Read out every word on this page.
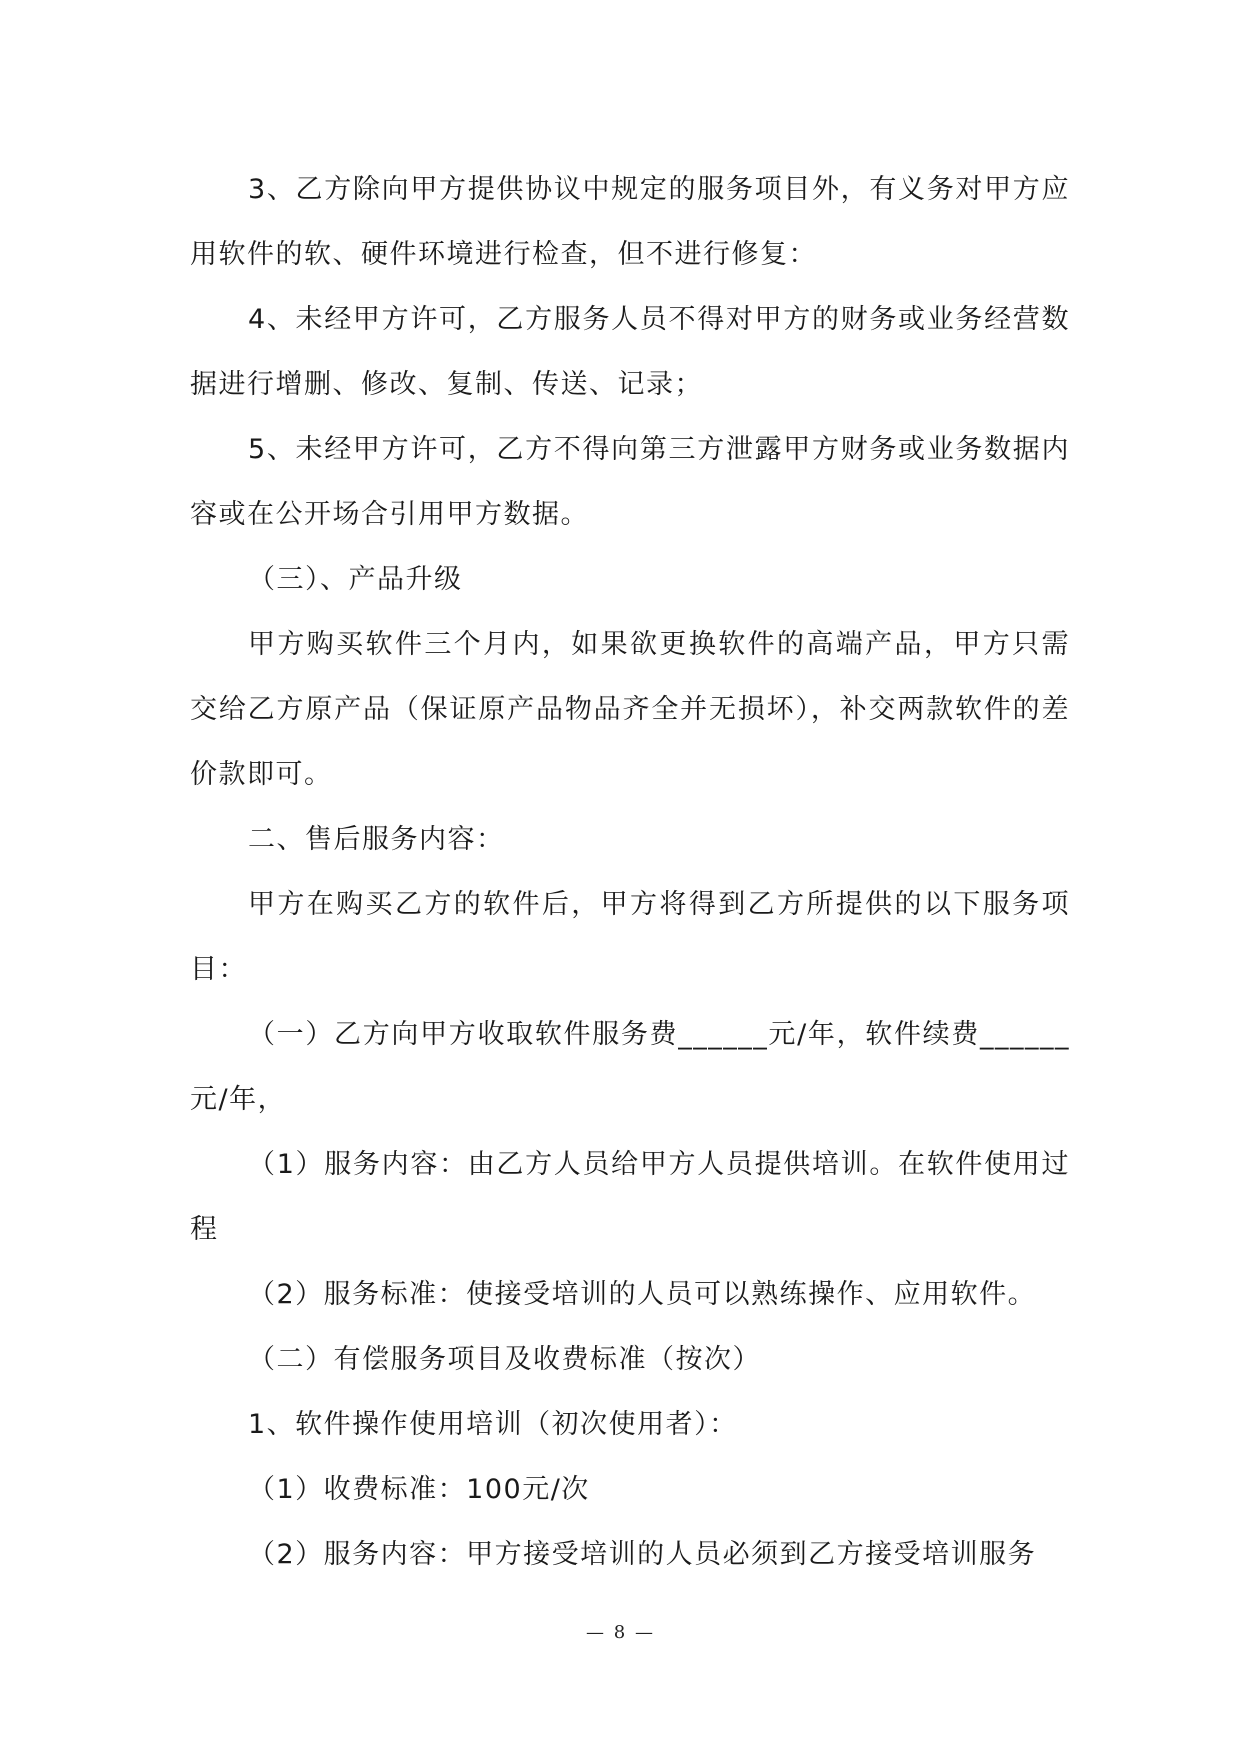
3、乙方除向甲方提供协议中规定的服务项目外，有义务对甲方应用软件的软、硬件环境进行检查，但不进行修复：

4、未经甲方许可，乙方服务人员不得对甲方的财务或业务经营数据进行增删、修改、复制、传送、记录；

5、未经甲方许可，乙方不得向第三方泄露甲方财务或业务数据内容或在公开场合引用甲方数据。

（三）、产品升级

甲方购买软件三个月内，如果欲更换软件的高端产品，甲方只需交给乙方原产品（保证原产品物品齐全并无损坏），补交两款软件的差价款即可。

二、售后服务内容：

甲方在购买乙方的软件后，甲方将得到乙方所提供的以下服务项目：

（一）乙方向甲方收取软件服务费______元/年，软件续费______元/年，

（1）服务内容：由乙方人员给甲方人员提供培训。在软件使用过程

（2）服务标准：使接受培训的人员可以熟练操作、应用软件。

（二）有偿服务项目及收费标准（按次）

1、软件操作使用培训（初次使用者）：

（1）收费标准：100元/次

（2）服务内容：甲方接受培训的人员必须到乙方接受培训服务

— 8 —
